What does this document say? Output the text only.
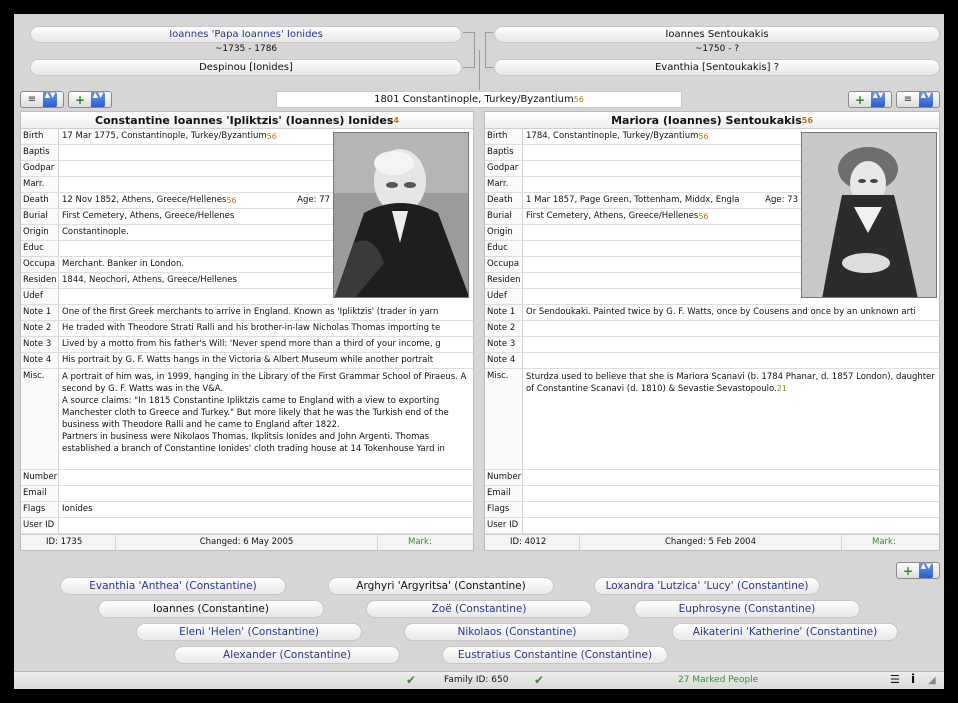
Ioannes 'Papa Ioannes' Ionides
~1735 - 1786
Despinou [Ionides]
Ioannes Sentoukakis
~1750 - ?
Evanthia [Sentoukakis] ?
≡	▲▼	+	▲▼	+	▲▼	≡	▲▼
1801 Constantinople, Turkey/Byzantium$^{56}$
Constantine Ioannes 'Ipliktzis' (Ioannes) Ionides$^4$
Birth	17 Mar 1775, Constantinople, Turkey/Byzantium$^{56}$
Baptis
Godpar
Marr.
Death	12 Nov 1852, Athens, Greece/Hellenes$^{56}$	Age: 77
Burial	First Cemetery, Athens, Greece/Hellenes
Origin	Constantinople.
Educ
Occupa Merchant. Banker in London.
Residen 1844, Neochori, Athens, Greece/Hellenes
Udef
Note 1	One of the first Greek merchants to arrive in England. Known as 'Ipliktzis' (trader in yarn
Note 2	He traded with Theodore Strati Ralli and his brother-in-law Nicholas Thomas importing te
Note 3	Lived by a motto from his father's Will: 'Never spend more than a third of your income, g
Note 4	His portrait by G. F. Watts hangs in the Victoria & Albert Museum while another portrait
Misc.	A portrait of him was, in 1999, hanging in the Library of the First Grammar School of Piraeus. A second by G. F. Watts was in the V&A.
A source claims: "In 1815 Constantine Ipliktzis came to England with a view to exporting Manchester cloth to Greece and Turkey." But more likely that he was the Turkish end of the business with Theodore Ralli and he came to England after 1822.
Partners in business were Nikolaos Thomas, Ikplitsis Ionides and John Argenti. Thomas established a branch of Constantine Ionides' cloth trading house at 14 Tokenhouse Yard in
Number
Email
Flags	Ionides
User ID
ID: 1735	Changed: 6 May 2005	Mark:
Mariora (Ioannes) Sentoukakis$^{56}$
Birth	1784, Constantinople, Turkey/Byzantium$^{56}$
Baptis
Godpar
Marr.
Death	1 Mar 1857, Page Green, Tottenham, Middx, Engla	Age: 73
Burial	First Cemetery, Athens, Greece/Hellenes$^{56}$
Origin
Educ
Occupa
Residen
Udef
Note 1	Or Sendoukaki. Painted twice by G. F. Watts, once by Cousens and once by an unknown arti
Note 2
Note 3
Note 4
Misc.	Sturdza used to believe that she is Mariora Scanavi (b. 1784 Phanar, d. 1857 London), daughter of Constantine Scanavi (d. 1810) & Sevastie Sevastopoulo.$^{21}$
Number
Email
Flags
User ID
ID: 4012	Changed: 5 Feb 2004	Mark:
+	▲▼
Evanthia 'Anthea' (Constantine)	Arghyri 'Argyritsa' (Constantine)	Loxandra 'Lutzica' 'Lucy' (Constantine)
Ioannes (Constantine)	Zoë (Constantine)	Euphrosyne (Constantine)
Eleni 'Helen' (Constantine)	Nikolaos (Constantine)	Aikaterini 'Katherine' (Constantine)
Alexander (Constantine)	Eustratius Constantine (Constantine)
✔	Family ID: 650 ✔	27 Marked People	☰ i ◢
